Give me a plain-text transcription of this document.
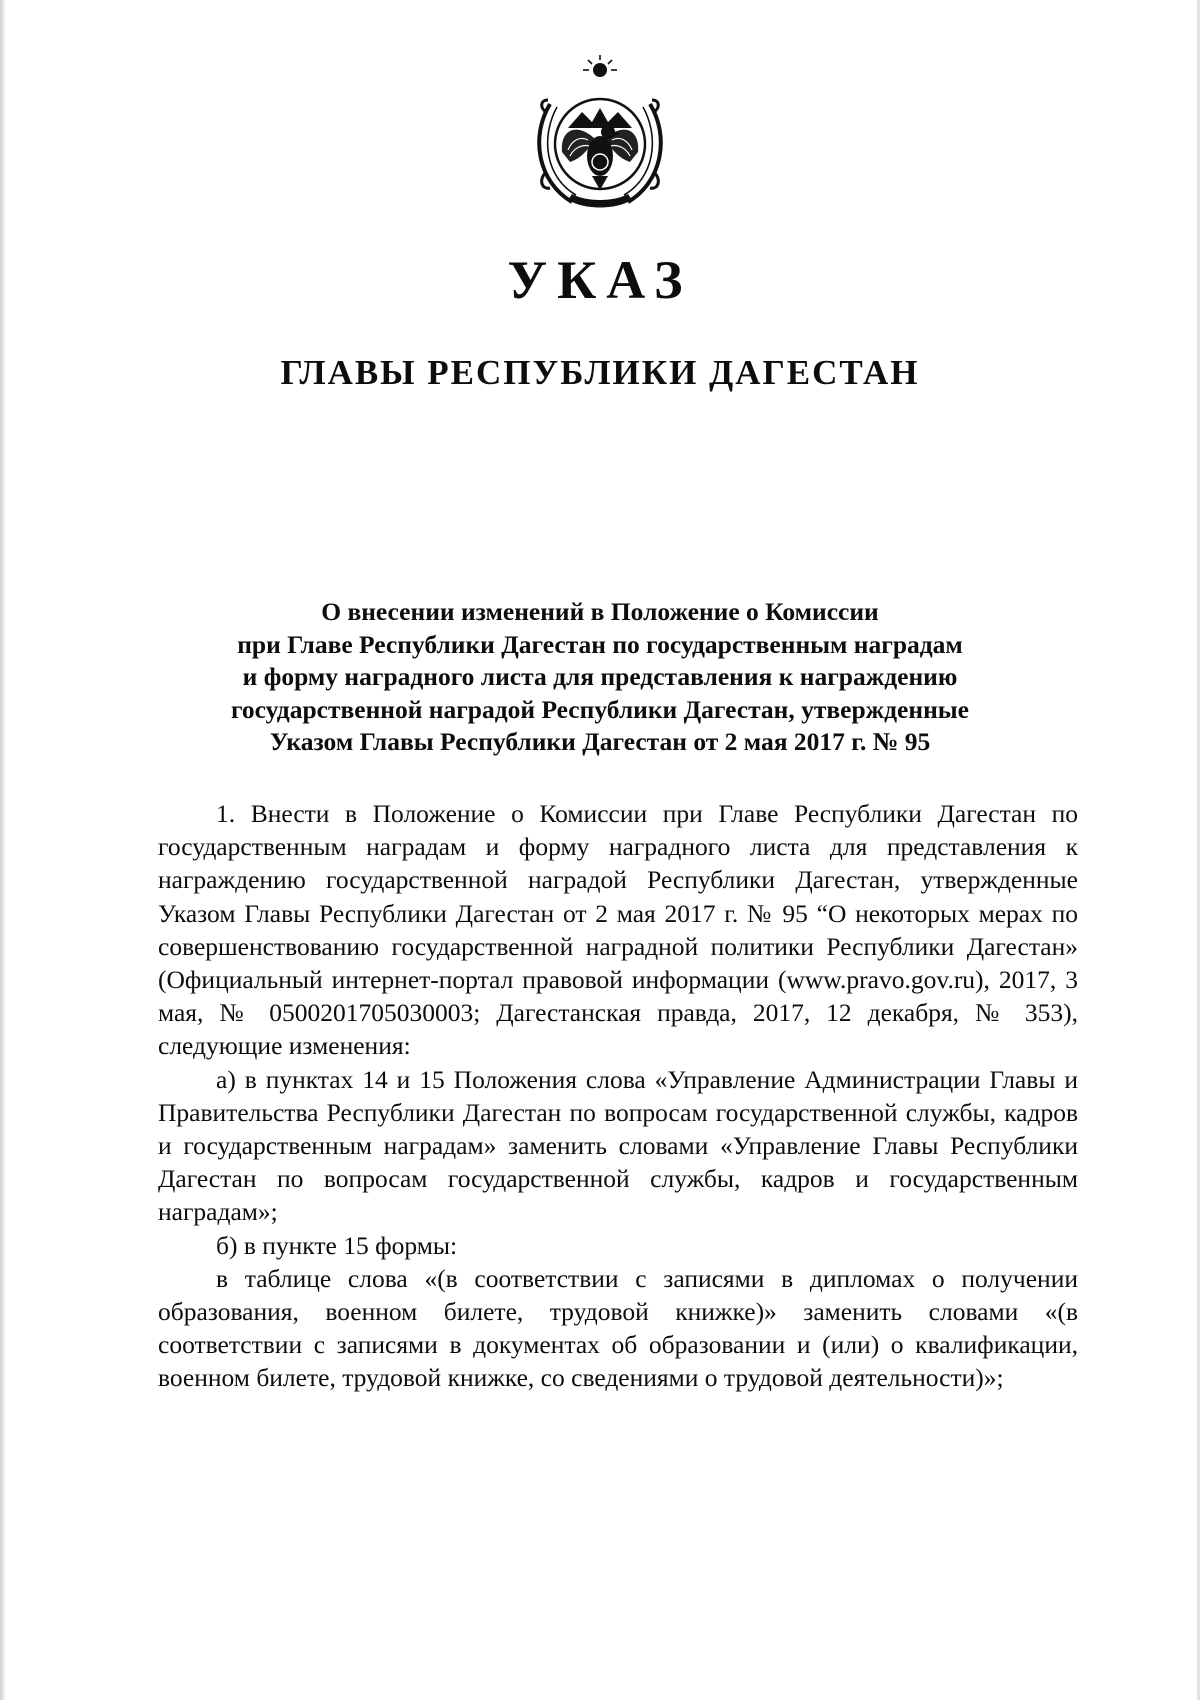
УКАЗ
ГЛАВЫ РЕСПУБЛИКИ ДАГЕСТАН
О внесении изменений в Положение о Комиссии
при Главе Республики Дагестан по государственным наградам
и форму наградного листа для представления к награждению
государственной наградой Республики Дагестан, утвержденные
Указом Главы Республики Дагестан от 2 мая 2017 г. № 95

1. Внести в Положение о Комиссии при Главе Республики Дагестан по государственным наградам и форму наградного листа для представления к награждению государственной наградой Республики Дагестан, утвержденные Указом Главы Республики Дагестан от 2 мая 2017 г. № 95 “О некоторых мерах по совершенствованию государственной наградной политики Республики Дагестан» (Официальный интернет-портал правовой информации (www.pravo.gov.ru), 2017, 3 мая, № 0500201705030003; Дагестанская правда, 2017, 12 декабря, № 353), следующие изменения:

а) в пунктах 14 и 15 Положения слова «Управление Администрации Главы и Правительства Республики Дагестан по вопросам государственной службы, кадров и государственным наградам» заменить словами «Управление Главы Республики Дагестан по вопросам государственной службы, кадров и государственным наградам»;

б) в пункте 15 формы:

в таблице слова «(в соответствии с записями в дипломах о получении образования, военном билете, трудовой книжке)» заменить словами «(в соответствии с записями в документах об образовании и (или) о квалификации, военном билете, трудовой книжке, со сведениями о трудовой деятельности)»;
